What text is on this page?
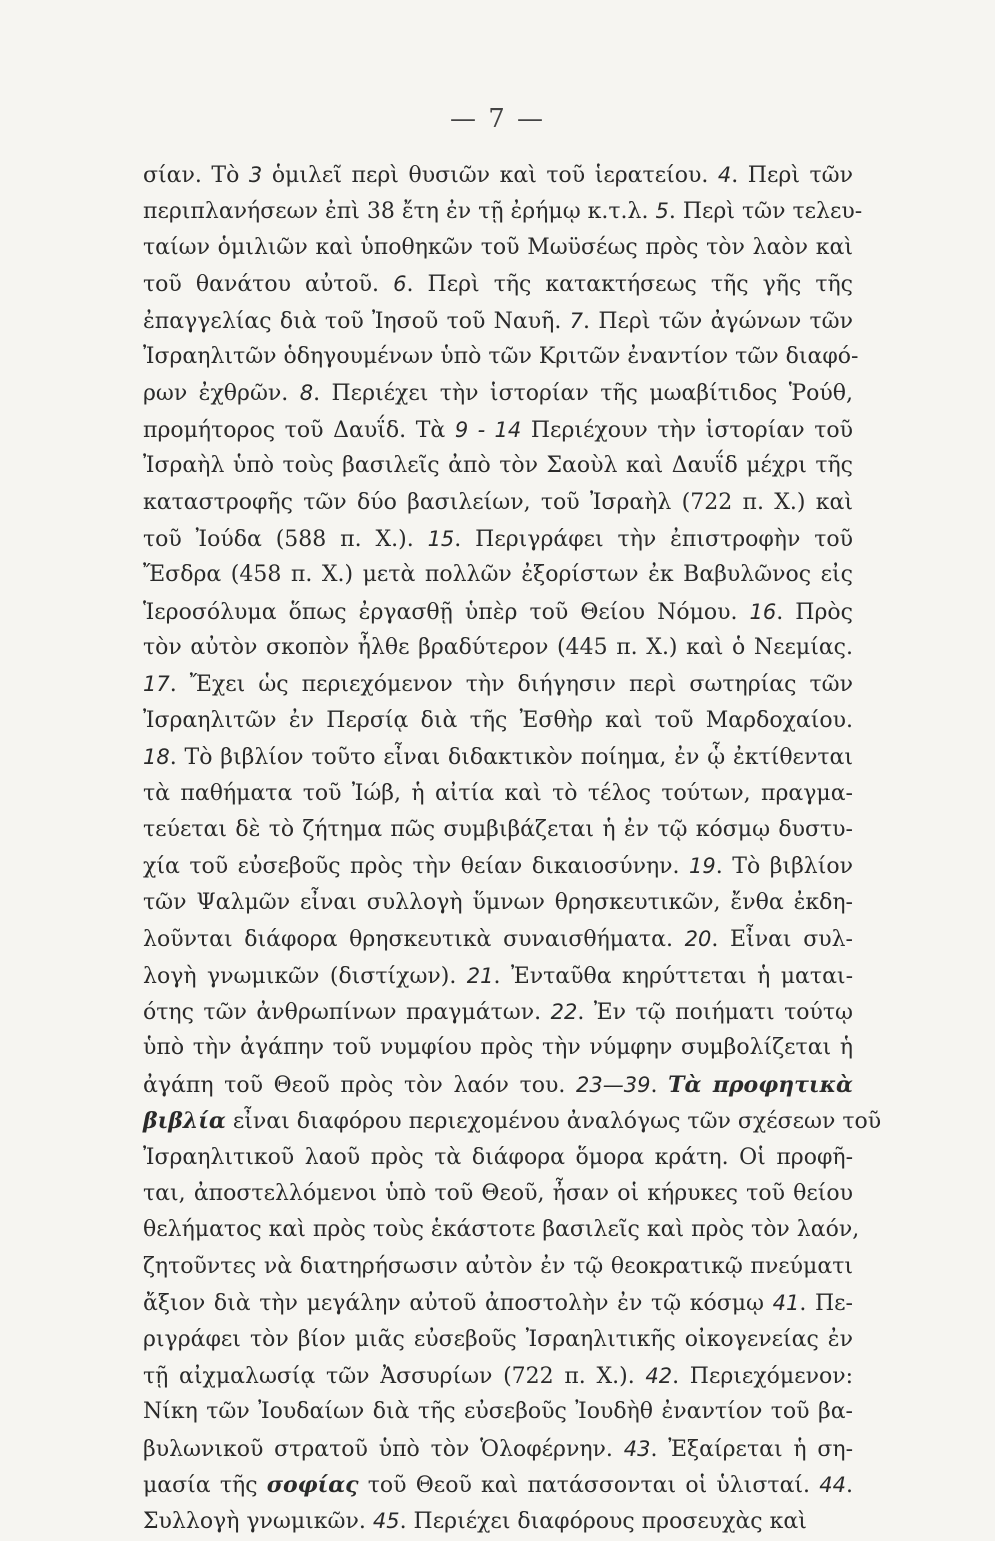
— 7 —
σίαν. Τὸ 3 ὁμιλεῖ περὶ θυσιῶν καὶ τοῦ ἱερατείου. 4. Περὶ τῶν
περιπλανήσεων ἐπὶ 38 ἔτη ἐν τῇ ἐρήμῳ κ.τ.λ. 5. Περὶ τῶν τελευ-
ταίων ὁμιλιῶν καὶ ὑποθηκῶν τοῦ Μωϋσέως πρὸς τὸν λαὸν καὶ
τοῦ θανάτου αὐτοῦ. 6. Περὶ τῆς κατακτήσεως τῆς γῆς τῆς
ἐπαγγελίας διὰ τοῦ Ἰησοῦ τοῦ Ναυῆ. 7. Περὶ τῶν ἀγώνων τῶν
Ἰσραηλιτῶν ὁδηγουμένων ὑπὸ τῶν Κριτῶν ἐναντίον τῶν διαφό-
ρων ἐχθρῶν. 8. Περιέχει τὴν ἱστορίαν τῆς μωαβίτιδος Ῥούθ,
προμήτορος τοῦ Δαυΐδ. Τὰ 9 - 14 Περιέχουν τὴν ἱστορίαν τοῦ
Ἰσραὴλ ὑπὸ τοὺς βασιλεῖς ἀπὸ τὸν Σαοὺλ καὶ Δαυΐδ μέχρι τῆς
καταστροφῆς τῶν δύο βασιλείων, τοῦ Ἰσραὴλ (722 π. Χ.) καὶ
τοῦ Ἰούδα (588 π. Χ.). 15. Περιγράφει τὴν ἐπιστροφὴν τοῦ
Ἔσδρα (458 π. Χ.) μετὰ πολλῶν ἐξορίστων ἐκ Βαβυλῶνος εἰς
Ἱεροσόλυμα ὅπως ἐργασθῇ ὑπὲρ τοῦ Θείου Νόμου. 16. Πρὸς
τὸν αὐτὸν σκοπὸν ἦλθε βραδύτερον (445 π. Χ.) καὶ ὁ Νεεμίας.
17. Ἔχει ὡς περιεχόμενον τὴν διήγησιν περὶ σωτηρίας τῶν
Ἰσραηλιτῶν ἐν Περσίᾳ διὰ τῆς Ἐσθὴρ καὶ τοῦ Μαρδοχαίου.
18. Τὸ βιβλίον τοῦτο εἶναι διδακτικὸν ποίημα, ἐν ᾧ ἐκτίθενται
τὰ παθήματα τοῦ Ἰώβ, ἡ αἰτία καὶ τὸ τέλος τούτων, πραγμα-
τεύεται δὲ τὸ ζήτημα πῶς συμβιβάζεται ἡ ἐν τῷ κόσμῳ δυστυ-
χία τοῦ εὐσεβοῦς πρὸς τὴν θείαν δικαιοσύνην. 19. Τὸ βιβλίον
τῶν Ψαλμῶν εἶναι συλλογὴ ὕμνων θρησκευτικῶν, ἔνθα ἐκδη-
λοῦνται διάφορα θρησκευτικὰ συναισθήματα. 20. Εἶναι συλ-
λογὴ γνωμικῶν (διστίχων). 21. Ἐνταῦθα κηρύττεται ἡ μαται-
ότης τῶν ἀνθρωπίνων πραγμάτων. 22. Ἐν τῷ ποιήματι τούτῳ
ὑπὸ τὴν ἀγάπην τοῦ νυμφίου πρὸς τὴν νύμφην συμβολίζεται ἡ
ἀγάπη τοῦ Θεοῦ πρὸς τὸν λαόν του. 23—39. Τὰ προφητικὰ
βιβλία εἶναι διαφόρου περιεχομένου ἀναλόγως τῶν σχέσεων τοῦ
Ἰσραηλιτικοῦ λαοῦ πρὸς τὰ διάφορα ὅμορα κράτη. Οἱ προφῆ-
ται, ἀποστελλόμενοι ὑπὸ τοῦ Θεοῦ, ἦσαν οἱ κήρυκες τοῦ θείου
θελήματος καὶ πρὸς τοὺς ἑκάστοτε βασιλεῖς καὶ πρὸς τὸν λαόν,
ζητοῦντες νὰ διατηρήσωσιν αὐτὸν ἐν τῷ θεοκρατικῷ πνεύματι
ἄξιον διὰ τὴν μεγάλην αὐτοῦ ἀποστολὴν ἐν τῷ κόσμῳ 41. Πε-
ριγράφει τὸν βίον μιᾶς εὐσεβοῦς Ἰσραηλιτικῆς οἰκογενείας ἐν
τῇ αἰχμαλωσίᾳ τῶν Ἀσσυρίων (722 π. Χ.). 42. Περιεχόμενον:
Νίκη τῶν Ἰουδαίων διὰ τῆς εὐσεβοῦς Ἰουδὴθ ἐναντίον τοῦ βα-
βυλωνικοῦ στρατοῦ ὑπὸ τὸν Ὁλοφέρνην. 43. Ἐξαίρεται ἡ ση-
μασία τῆς σοφίας τοῦ Θεοῦ καὶ πατάσσονται οἱ ὑλισταί. 44.
Συλλογὴ γνωμικῶν. 45. Περιέχει διαφόρους προσευχὰς καὶ
